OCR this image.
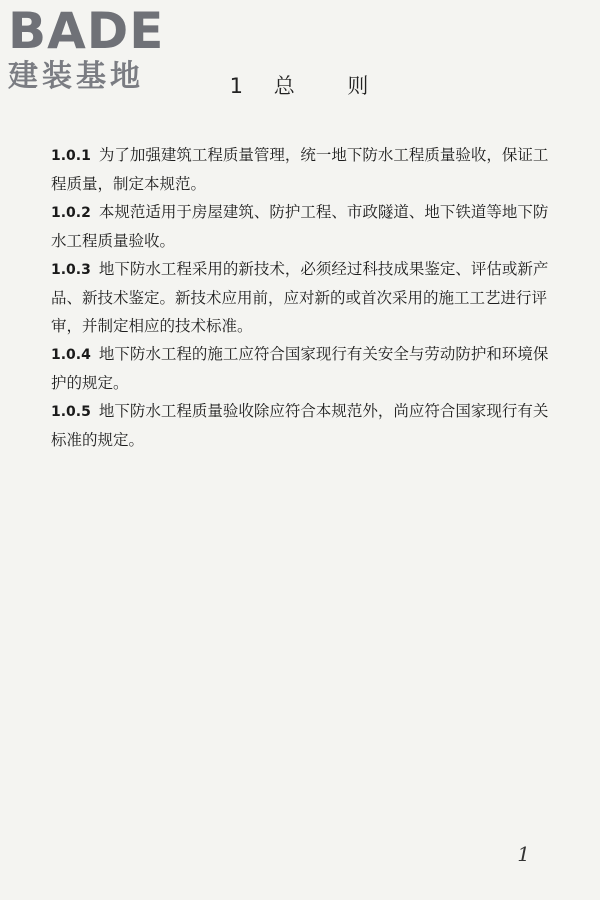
BADE
建装基地	1 总 则

1.0.1 为了加强建筑工程质量管理，统一地下防水工程质量验收，保证工程质量，制定本规范。

1.0.2 本规范适用于房屋建筑、防护工程、市政隧道、地下铁道等地下防水工程质量验收。

1.0.3 地下防水工程采用的新技术，必须经过科技成果鉴定、评估或新产品、新技术鉴定。新技术应用前，应对新的或首次采用的施工工艺进行评审，并制定相应的技术标准。

1.0.4 地下防水工程的施工应符合国家现行有关安全与劳动防护和环境保护的规定。

1.0.5 地下防水工程质量验收除应符合本规范外，尚应符合国家现行有关标准的规定。

1
